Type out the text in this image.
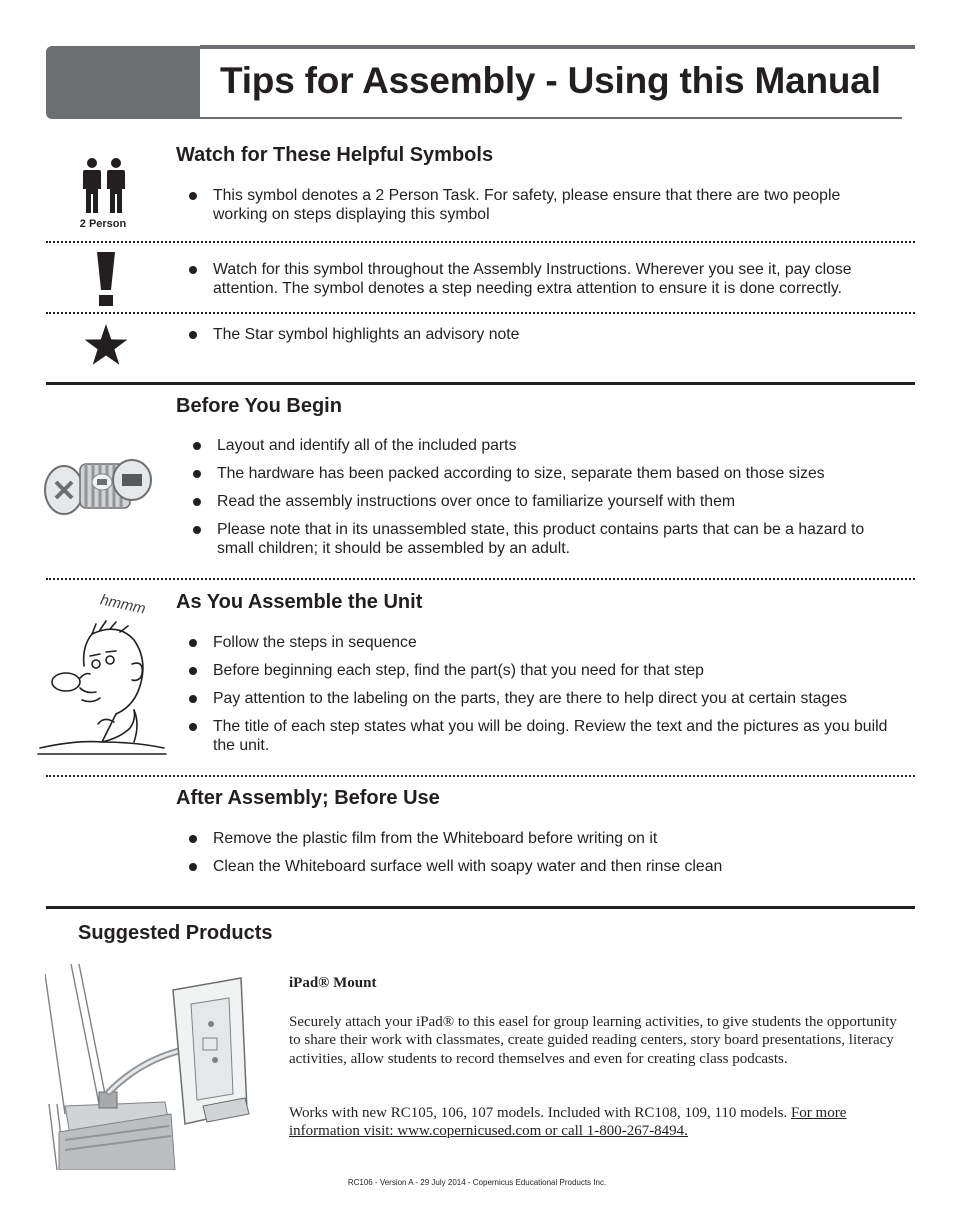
Tips for Assembly - Using this Manual
Watch for These Helpful Symbols
2 Person
This symbol denotes a 2 Person Task. For safety, please ensure that there are two people working on steps displaying this symbol
Watch for this symbol throughout the Assembly Instructions. Wherever you see it, pay close attention. The symbol denotes a step needing extra attention to ensure it is done correctly.
The Star symbol highlights an advisory note
Before You Begin
Layout and identify all of the included parts
The hardware has been packed according to size, separate them based on those sizes
Read the assembly instructions over once to familiarize yourself with them
Please note that in its unassembled state, this product contains parts that can be a hazard to small children; it should be assembled by an adult.
As You Assemble the Unit
hmmm
Follow the steps in sequence
Before beginning each step, find the part(s) that you need for that step
Pay attention to the labeling on the parts, they are there to help direct you at certain stages
The title of each step states what you will be doing. Review the text and the pictures as you build the unit.
After Assembly; Before Use
Remove the plastic film from the Whiteboard before writing on it
Clean the Whiteboard surface well with soapy water and then rinse clean
Suggested Products
iPad® Mount

Securely attach your iPad® to this easel for group learning activities, to give students the opportunity to share their work with classmates, create guided reading centers, story board presentations, literacy activities, allow students to record themselves and even for creating class podcasts.

Works with new RC105, 106, 107 models. Included with RC108, 109, 110 models. For more information visit: www.copernicused.com or call 1-800-267-8494.

RC106 - Version A - 29 July 2014 - Copernicus Educational Products Inc.
